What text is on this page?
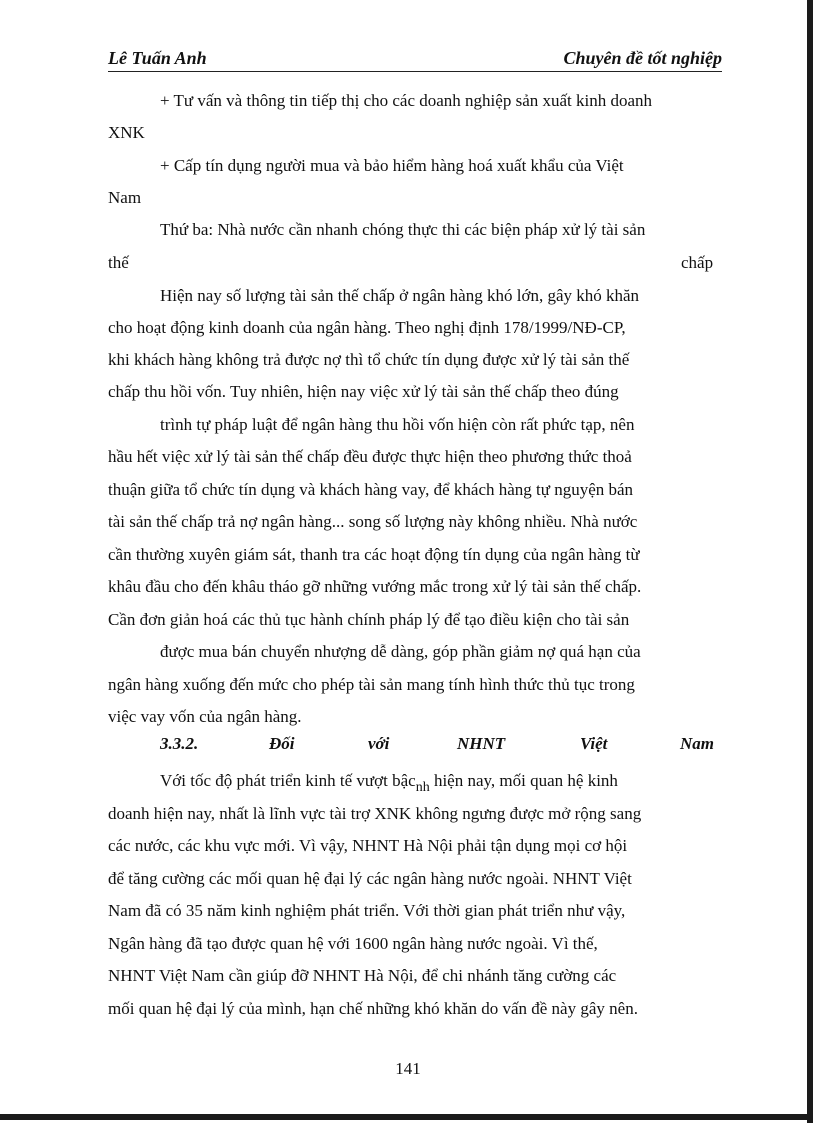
Lê Tuấn Anh	Chuyên đề tốt nghiệp
+ Tư vấn và thông tin tiếp thị cho các doanh nghiệp sản xuất kinh doanh
XNK
+ Cấp tín dụng người mua và bảo hiểm hàng hoá xuất khẩu của Việt
Nam
Thứ ba: Nhà nước cần nhanh chóng thực thi các biện pháp xử lý tài sản
thế	chấp
Hiện nay số lượng tài sản thế chấp ở ngân hàng khó lớn, gây khó khăn
cho hoạt động kinh doanh của ngân hàng. Theo nghị định 178/1999/NĐ-CP,
khi khách hàng không trả được nợ thì tổ chức tín dụng được xử lý tài sản thế
chấp thu hồi vốn. Tuy nhiên, hiện nay việc xử lý tài sản thế chấp theo đúng
trình tự pháp luật để ngân hàng thu hồi vốn hiện còn rất phức tạp, nên
hầu hết việc xử lý tài sản thế chấp đều được thực hiện theo phương thức thoả
thuận giữa tổ chức tín dụng và khách hàng vay, để khách hàng tự nguyện bán
tài sản thế chấp trả nợ ngân hàng... song số lượng này không nhiều. Nhà nước
cần thường xuyên giám sát, thanh tra các hoạt động tín dụng của ngân hàng từ
khâu đầu cho đến khâu tháo gỡ những vướng mắc trong xử lý tài sản thế chấp.
Cần đơn giản hoá các thủ tục hành chính pháp lý để tạo điều kiện cho tài sản
được mua bán chuyển nhượng dễ dàng, góp phần giảm nợ quá hạn của
ngân hàng xuống đến mức cho phép tài sản mang tính hình thức thủ tục trong
việc vay vốn của ngân hàng.
3.3.2.	Đối	với	NHNT	Việt	Nam
Với tốc độ phát triển kinh tế vượt bậc$_{nh}$ hiện nay, mối quan hệ kinh
doanh hiện nay, nhất là lĩnh vực tài trợ XNK không ngưng được mở rộng sang
các nước, các khu vực mới. Vì vậy, NHNT Hà Nội phải tận dụng mọi cơ hội
để tăng cường các mối quan hệ đại lý các ngân hàng nước ngoài. NHNT Việt
Nam đã có 35 năm kinh nghiệm phát triển. Với thời gian phát triển như vậy,
Ngân hàng đã tạo được quan hệ với 1600 ngân hàng nước ngoài. Vì thế,
NHNT Việt Nam cần giúp đỡ NHNT Hà Nội, để chi nhánh tăng cường các
mối quan hệ đại lý của mình, hạn chế những khó khăn do vấn đề này gây nên.
141
